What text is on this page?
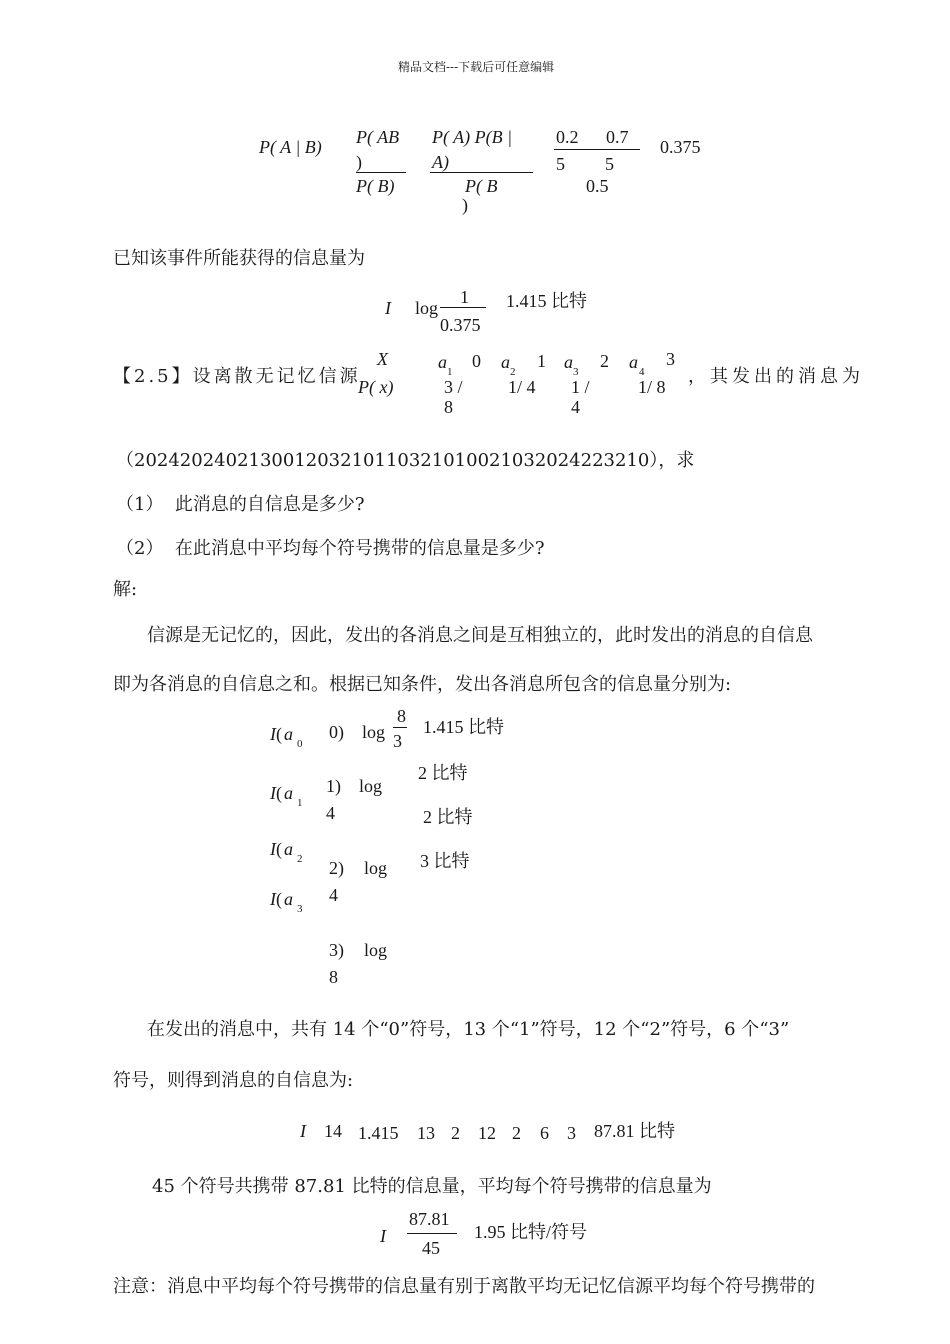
精品文档---下载后可任意编辑
P( A | B) P( AB
)
P( B)
P( A) P(B |
A)
P( B
)
0.2 0.7
5 5
0.5
0.375
已知该事件所能获得的信息量为
I log
1
0.375
1.415 比特
【2.5】设离散无记忆信源
X
P( x)
a 1
0 a 2
1 a 3
2 a 4
3
3 /
8
1/ 4 1 /
4
1/ 8 ，其发出的消息为
（202420240213001203210110321010021032024223210），求
（1）  此消息的自信息是多少?
（2）  在此消息中平均每个符号携带的信息量是多少?
解:
信源是无记忆的，因此，发出的各消息之间是互相独立的，此时发出的消息的自信息
即为各消息的自信息之和。根据已知条件，发出各消息所包含的信息量分别为:
I ( a 0
0) log
8
3
1.415 比特
I ( a 1
1) log
4
2 比特
2 比特
I ( a 2 2) log
4
3 比特
I ( a 3
3) log
8
在发出的消息中，共有 14 个“0”符号，13 个“1”符号，12 个“2”符号，6 个“3”
符号，则得到消息的自信息为:
I 14 1.415 13 2 12 2 6 3 87.81 比特
45 个符号共携带 87.81 比特的信息量，平均每个符号携带的信息量为
I
87.81
45
1.95 比特/符号
注意：消息中平均每个符号携带的信息量有别于离散平均无记忆信源平均每个符号携带的
